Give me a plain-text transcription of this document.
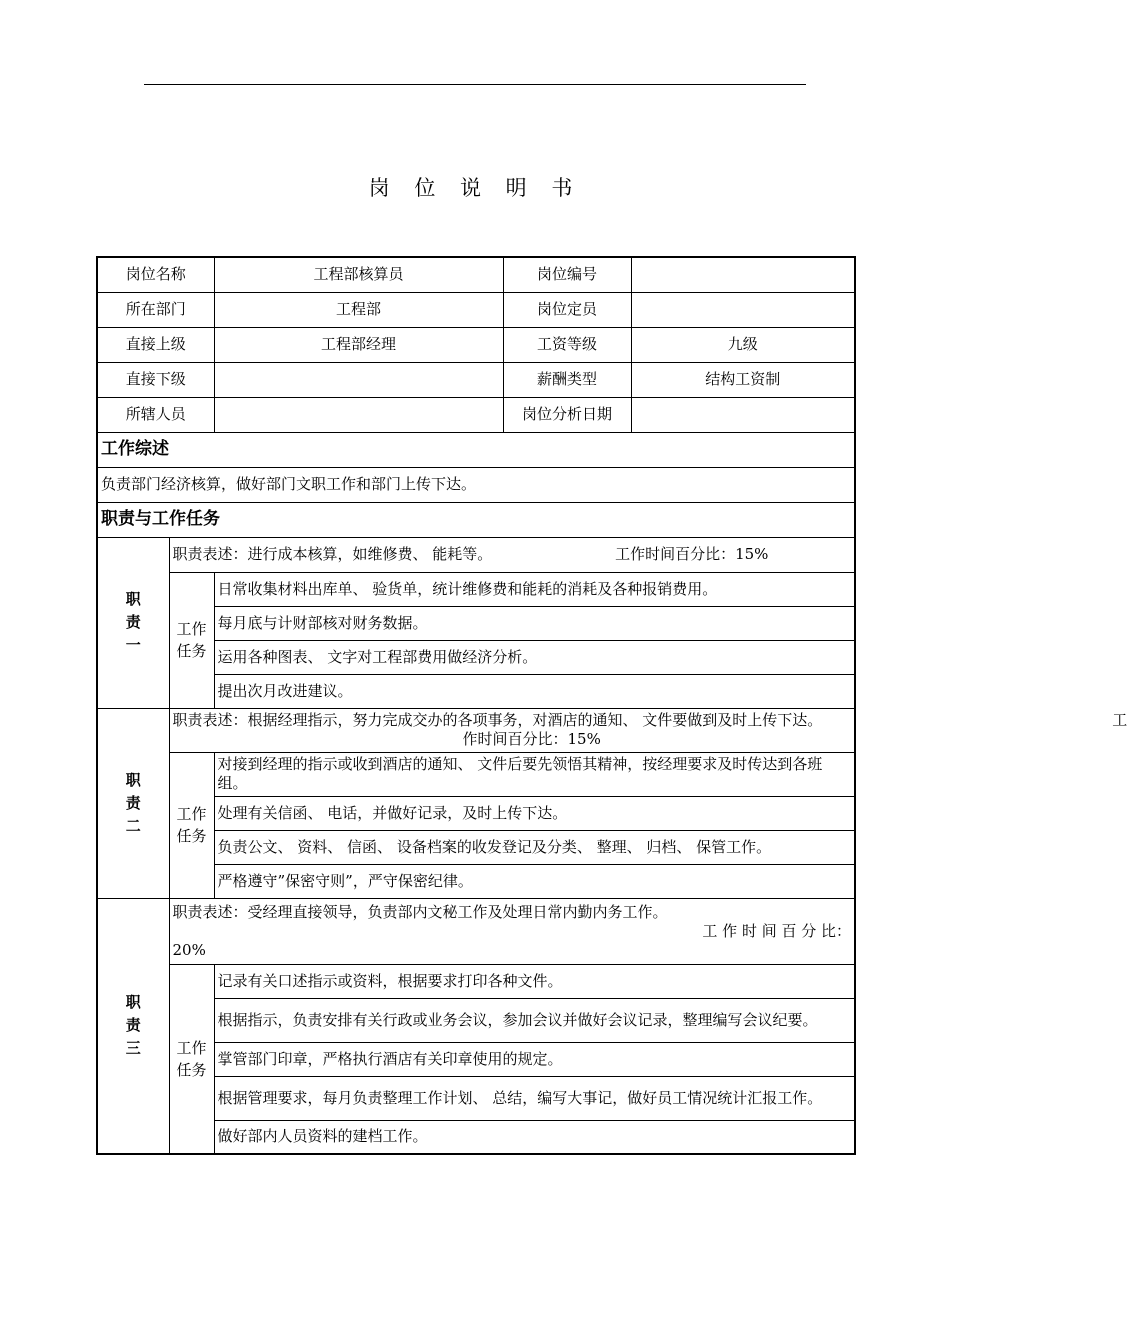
岗 位 说 明 书
岗位名称		工程部核算员	岗位编号	
所在部门		工程部	岗位定员	
直接上级		工程部经理	工资等级	九级
直接下级			薪酬类型	结构工资制
所辖人员			岗位分析日期	
工作综述				
负责部门经济核算，做好部门文职工作和部门上传下达。				
职责与工作任务				
职责一	职责表述：进行成本核算，如维修费、 能耗等。 工作时间百分比：15%			
	工作任务	日常收集材料出库单、 验货单，统计维修费和能耗的消耗及各种报销费用。		
		每月底与计财部核对财务数据。		
		运用各种图表、 文字对工程部费用做经济分析。		
		提出次月改进建议。		
职责二	职责表述：根据经理指示，努力完成交办的各项事务，对酒店的通知、 文件要做到及时上传下达。 工作时间百分比：15%			
	工作任务	对接到经理的指示或收到酒店的通知、 文件后要先领悟其精神，按经理要求及时传达到各班组。		
		处理有关信函、 电话，并做好记录，及时上传下达。		
		负责公文、 资料、 信函、 设备档案的收发登记及分类、 整理、 归档、 保管工作。		
		严格遵守”保密守则”，严守保密纪律。		
职责三	职责表述：受经理直接领导，负责部内文秘工作及处理日常内勤内务工作。
工 作 时 间 百 分 比：
20%			

	工作任务	记录有关口述指示或资料，根据要求打印各种文件。		
		根据指示，负责安排有关行政或业务会议，参加会议并做好会议记录，整理编写会议纪要。		
		掌管部门印章，严格执行酒店有关印章使用的规定。		
		根据管理要求，每月负责整理工作计划、 总结，编写大事记，做好员工情况统计汇报工作。		
		做好部内人员资料的建档工作。		
